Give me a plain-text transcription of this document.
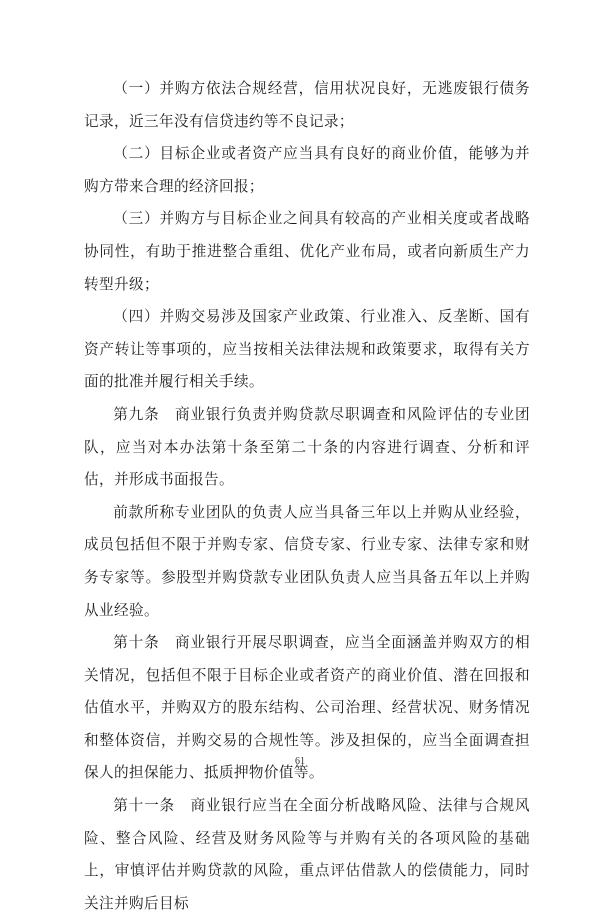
（一）并购方依法合规经营，信用状况良好，无逃废银行债务记录，近三年没有信贷违约等不良记录；

（二）目标企业或者资产应当具有良好的商业价值，能够为并购方带来合理的经济回报；

（三）并购方与目标企业之间具有较高的产业相关度或者战略协同性，有助于推进整合重组、优化产业布局，或者向新质生产力转型升级；

（四）并购交易涉及国家产业政策、行业准入、反垄断、国有资产转让等事项的，应当按相关法律法规和政策要求，取得有关方面的批准并履行相关手续。

第九条　商业银行负责并购贷款尽职调查和风险评估的专业团队，应当对本办法第十条至第二十条的内容进行调查、分析和评估，并形成书面报告。

前款所称专业团队的负责人应当具备三年以上并购从业经验，成员包括但不限于并购专家、信贷专家、行业专家、法律专家和财务专家等。参股型并购贷款专业团队负责人应当具备五年以上并购从业经验。

第十条　商业银行开展尽职调查，应当全面涵盖并购双方的相关情况，包括但不限于目标企业或者资产的商业价值、潜在回报和估值水平，并购双方的股东结构、公司治理、经营状况、财务情况和整体资信，并购交易的合规性等。涉及担保的，应当全面调查担保人的担保能力、抵质押物价值等。

第十一条　商业银行应当在全面分析战略风险、法律与合规风险、整合风险、经营及财务风险等与并购有关的各项风险的基础上，审慎评估并购贷款的风险，重点评估借款人的偿债能力，同时关注并购后目标

61
